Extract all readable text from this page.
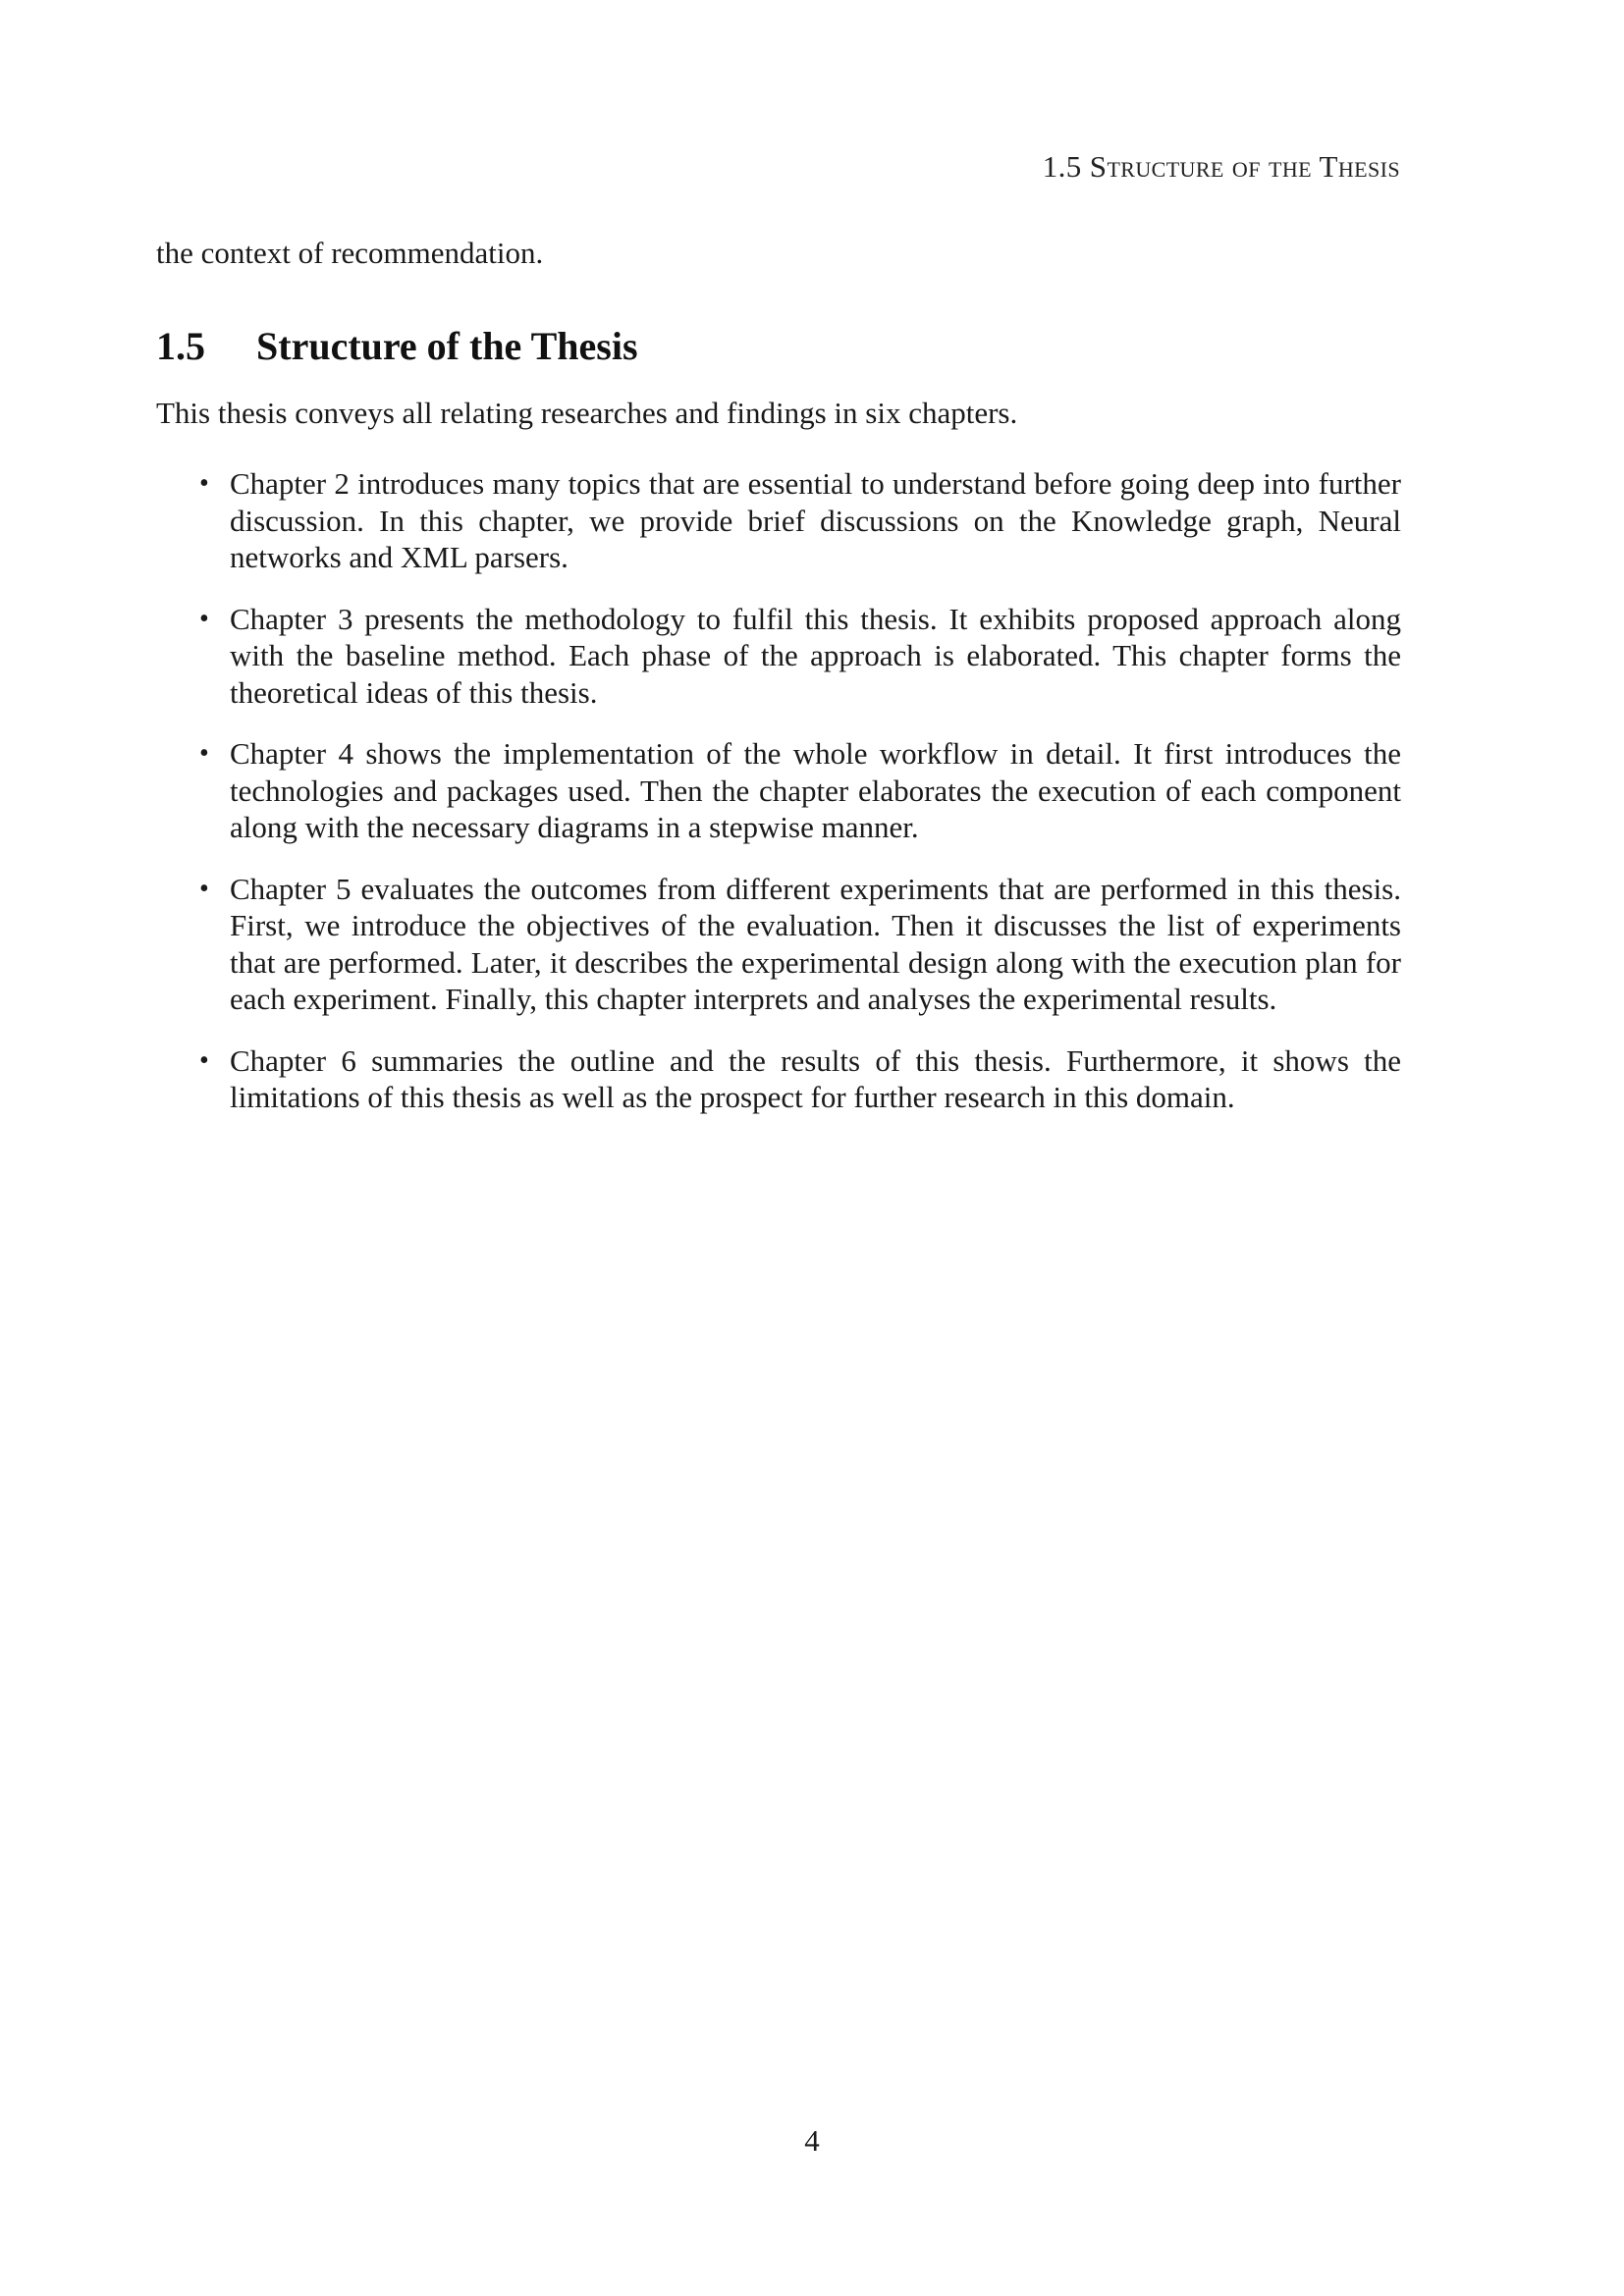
1.5 Structure of the Thesis

the context of recommendation.

1.5 Structure of the Thesis

This thesis conveys all relating researches and findings in six chapters.

• Chapter 2 introduces many topics that are essential to understand before going deep into further discussion. In this chapter, we provide brief discussions on the Knowledge graph, Neural networks and XML parsers.
• Chapter 3 presents the methodology to fulfil this thesis. It exhibits proposed approach along with the baseline method. Each phase of the approach is elaborated. This chapter forms the theoretical ideas of this thesis.
• Chapter 4 shows the implementation of the whole workflow in detail. It first introduces the technologies and packages used. Then the chapter elaborates the execution of each component along with the necessary diagrams in a stepwise manner.
• Chapter 5 evaluates the outcomes from different experiments that are performed in this thesis. First, we introduce the objectives of the evaluation. Then it discusses the list of experiments that are performed. Later, it describes the experimental design along with the execution plan for each experiment. Finally, this chapter interprets and analyses the experimental results.
• Chapter 6 summaries the outline and the results of this thesis. Furthermore, it shows the limitations of this thesis as well as the prospect for further research in this domain.
4
